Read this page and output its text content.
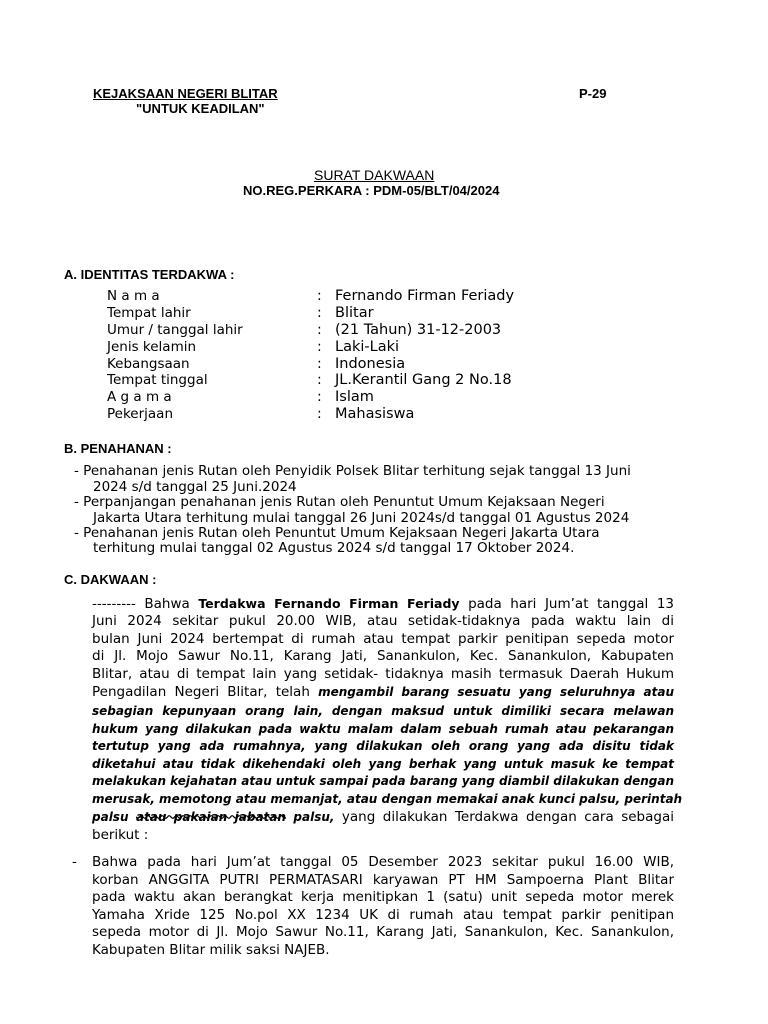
KEJAKSAAN NEGERI BLITAR
"UNTUK KEADILAN"
P-29
SURAT DAKWAAN
NO.REG.PERKARA : PDM-05/BLT/04/2024
A. IDENTITAS TERDAKWA :
N a m a	: Fernando Firman Feriady
Tempat lahir	: Blitar
Umur / tanggal lahir	: (21 Tahun) 31-12-2003
Jenis kelamin	: Laki-Laki
Kebangsaan	: Indonesia
Tempat tinggal	: JL.Kerantil Gang 2 No.18
A g a m a	: Islam
Pekerjaan	: Mahasiswa
B. PENAHANAN :
- Penahanan jenis Rutan oleh Penyidik Polsek Blitar terhitung sejak tanggal 13 Juni
2024 s/d tanggal 25 Juni.2024
- Perpanjangan penahanan jenis Rutan oleh Penuntut Umum Kejaksaan Negeri
Jakarta Utara terhitung mulai tanggal 26 Juni 2024s/d tanggal 01 Agustus 2024
- Penahanan jenis Rutan oleh Penuntut Umum Kejaksaan Negeri Jakarta Utara
terhitung mulai tanggal 02 Agustus 2024 s/d tanggal 17 Oktober 2024.
C. DAKWAAN :
--------- Bahwa Terdakwa Fernando Firman Feriady pada hari Jum’at tanggal 13
Juni 2024 sekitar pukul 20.00 WIB, atau setidak-tidaknya pada waktu lain di
bulan Juni 2024 bertempat di rumah atau tempat parkir penitipan sepeda motor
di Jl. Mojo Sawur No.11, Karang Jati, Sanankulon, Kec. Sanankulon, Kabupaten
Blitar, atau di tempat lain yang setidak- tidaknya masih termasuk Daerah Hukum
Pengadilan Negeri Blitar, telah mengambil barang sesuatu yang seluruhnya atau
sebagian kepunyaan orang lain, dengan maksud untuk dimiliki secara melawan
hukum yang dilakukan pada waktu malam dalam sebuah rumah atau pekarangan
tertutup yang ada rumahnya, yang dilakukan oleh orang yang ada disitu tidak
diketahui atau tidak dikehendaki oleh yang berhak yang untuk masuk ke tempat
melakukan kejahatan atau untuk sampai pada barang yang diambil dilakukan dengan
merusak, memotong atau memanjat, atau dengan memakai anak kunci palsu, perintah
palsu atau pakaian jabatan palsu, yang dilakukan Terdakwa dengan cara sebagai
berikut :
- Bahwa pada hari Jum’at tanggal 05 Desember 2023 sekitar pukul 16.00 WIB,
korban ANGGITA PUTRI PERMATASARI karyawan PT HM Sampoerna Plant Blitar
pada waktu akan berangkat kerja menitipkan 1 (satu) unit sepeda motor merek
Yamaha Xride 125 No.pol XX 1234 UK di rumah atau tempat parkir penitipan
sepeda motor di Jl. Mojo Sawur No.11, Karang Jati, Sanankulon, Kec. Sanankulon,
Kabupaten Blitar milik saksi NAJEB.
